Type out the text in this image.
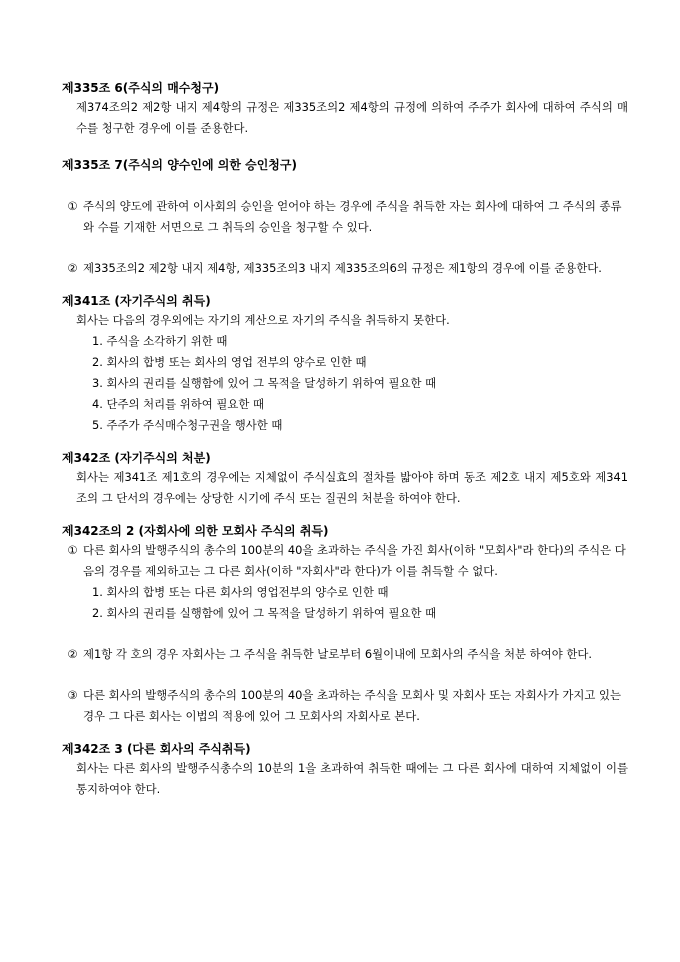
제335조 6(주식의 매수청구)
제374조의2 제2항 내지 제4항의 규정은 제335조의2 제4항의 규정에 의하여 주주가 회사에 대하여 주식의 매수를 청구한 경우에 이를 준용한다.
제335조 7(주식의 양수인에 의한 승인청구)
① 주식의 양도에 관하여 이사회의 승인을 얻어야 하는 경우에 주식을 취득한 자는 회사에 대하여 그 주식의 종류와 수를 기재한 서면으로 그 취득의 승인을 청구할 수 있다.
② 제335조의2 제2항 내지 제4항, 제335조의3 내지 제335조의6의 규정은 제1항의 경우에 이를 준용한다.
제341조 (자기주식의 취득)
회사는 다음의 경우외에는 자기의 계산으로 자기의 주식을 취득하지 못한다.
1. 주식을 소각하기 위한 때
2. 회사의 합병 또는 회사의 영업 전부의 양수로 인한 때
3. 회사의 권리를 실행함에 있어 그 목적을 달성하기 위하여 필요한 때
4. 단주의 처리를 위하여 필요한 때
5. 주주가 주식매수청구권을 행사한 때
제342조 (자기주식의 처분)
회사는 제341조 제1호의 경우에는 지체없이 주식실효의 절차를 밟아야 하며 동조 제2호 내지 제5호와 제341조의 그 단서의 경우에는 상당한 시기에 주식 또는 질권의 처분을 하여야 한다.
제342조의 2 (자회사에 의한 모회사 주식의 취득)
① 다른 회사의 발행주식의 총수의 100분의 40을 초과하는 주식을 가진 회사(이하 "모회사"라 한다)의 주식은 다음의 경우를 제외하고는 그 다른 회사(이하 "자회사"라 한다)가 이를 취득할 수 없다.
1. 회사의 합병 또는 다른 회사의 영업전부의 양수로 인한 때
2. 회사의 권리를 실행함에 있어 그 목적을 달성하기 위하여 필요한 때
② 제1항 각 호의 경우 자회사는 그 주식을 취득한 날로부터 6월이내에 모회사의 주식을 처분 하여야 한다.
③ 다른 회사의 발행주식의 총수의 100분의 40을 초과하는 주식을 모회사 및 자회사 또는 자회사가 가지고 있는 경우 그 다른 회사는 이법의 적용에 있어 그 모회사의 자회사로 본다.
제342조 3 (다른 회사의 주식취득)
회사는 다른 회사의 발행주식총수의 10분의 1을 초과하여 취득한 때에는 그 다른 회사에 대하여 지체없이 이를 통지하여야 한다.
